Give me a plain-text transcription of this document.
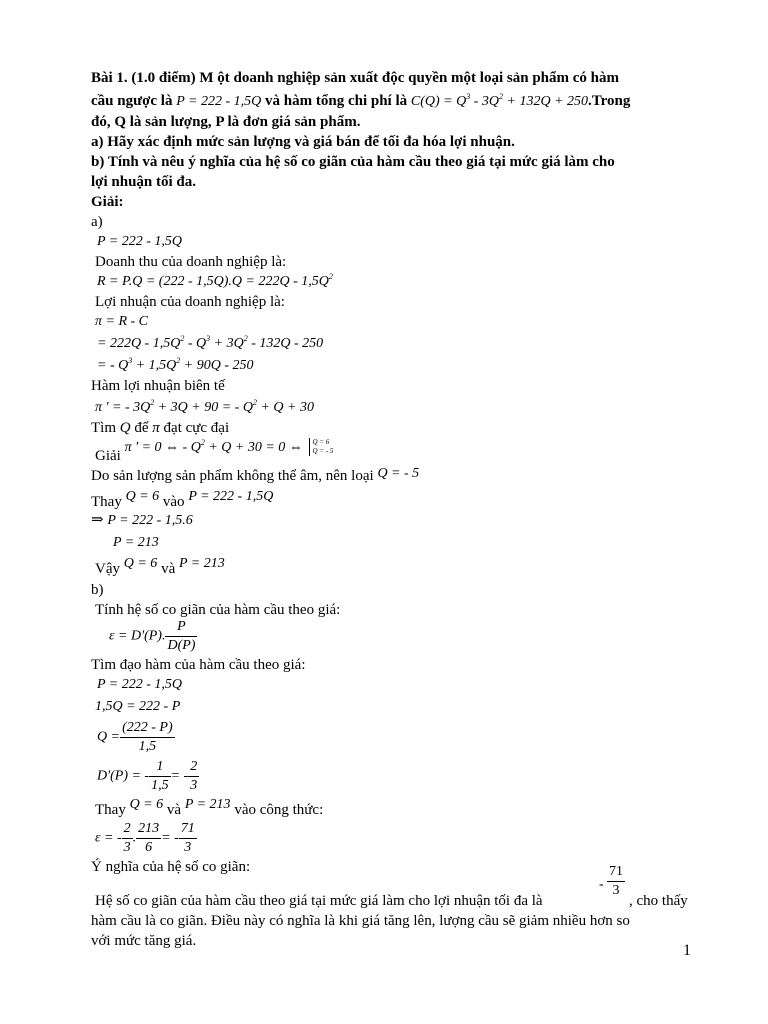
Bài 1. (1.0 điểm) M ột doanh nghiệp sản xuất độc quyền một loại sản phẩm có hàm
cầu ngược là P = 222 - 1,5Q và hàm tổng chi phí là $C(Q) = Q^3 - 3Q^2 + 132Q$ + 250.Trong
đó, Q là sản lượng, P là đơn giá sản phẩm.
a) Hãy xác định mức sản lượng và giá bán để tối đa hóa lợi nhuận.
b) Tính và nêu ý nghĩa của hệ số co giãn của hàm cầu theo giá tại mức giá làm cho
lợi nhuận tối đa.
Giải:
a)
P = 222 - 1,5Q
Doanh thu của doanh nghiệp là:
$R = P.Q = (222 - 1,5Q).Q = 222Q - 1,5Q^2$
Lợi nhuận của doanh nghiệp là:
π = R - C
= $222Q - 1,5Q^2 - Q^3 + 3Q^2 - 132Q - 250$
= - $Q^3 + 1,5Q^2 + 90Q - 250$
Hàm lợi nhuận biên tế
π ' = - $3Q^2 + 3Q + 90$ = - $Q^2 + Q + 30$
Tìm Q để π đạt cực đại
Giải π ' = 0 ⇔ - $Q^2 + Q + 30 = 0$ ⇔ Q = 6
Q = - 5
Do sản lượng sản phẩm không thể âm, nên loại Q = - 5
Thay Q = 6 vào P = 222 - 1,5Q
⇒ P = 222 - 1,5.6
P = 213
Vậy Q = 6 và P = 213
b)
Tính hệ số co giãn của hàm cầu theo giá:
ε = D'(P). $\frac{P}{D(P)}$
Tìm đạo hàm của hàm cầu theo giá:
P = 222 - 1,5Q
1,5Q = 222 - P
$Q = \frac{(222 - P)}{1,5}$
D'(P) = - $\frac{1}{1,5}$ = - $\frac{2}{3}$
Thay Q = 6 và P = 213 vào công thức:
ε = - $\frac{2}{3}$ . $\frac{213}{6}$ = - $\frac{71}{3}$
Ý nghĩa của hệ số co giãn:
Hệ số co giãn của hàm cầu theo giá tại mức giá làm cho lợi nhuận tối đa là
- $\frac{71}{3}$
, cho thấy
hàm cầu là co giãn. Điều này có nghĩa là khi giá tăng lên, lượng cầu sẽ giảm nhiều hơn so
với mức tăng giá.
1
